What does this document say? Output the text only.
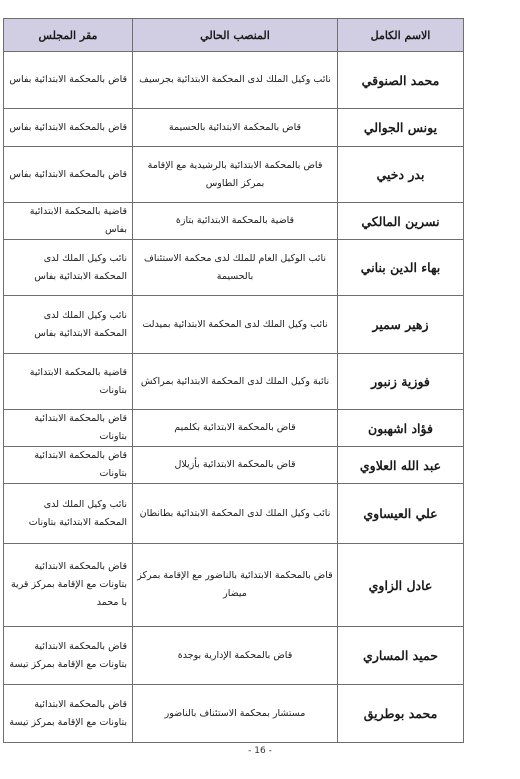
الاسم الكامل	المنصب الحالي	مقر المجلس
محمد الصنوقي	نائب وكيل الملك لدى المحكمة الابتدائية بجرسيف	قاض بالمحكمة الابتدائية بفاس
يونس الجوالي	قاض بالمحكمة الابتدائية بالحسيمة	قاض بالمحكمة الابتدائية بفاس
بدر دخيي	قاض بالمحكمة الابتدائية بالرشيدية مع الإقامة بمركز الطاوس	قاض بالمحكمة الابتدائية بفاس
نسرين المالكي	قاضية بالمحكمة الابتدائية بتازة	قاضية بالمحكمة الابتدائية بفاس
بهاء الدين بناني	نائب الوكيل العام للملك لدى محكمة الاستئناف بالحسيمة	نائب وكيل الملك لدى المحكمة الابتدائية بفاس
زهير سمير	نائب وكيل الملك لدى المحكمة الابتدائية بميدلت	نائب وكيل الملك لدى المحكمة الابتدائية بفاس
فوزية زنبور	نائبة وكيل الملك لدى المحكمة الابتدائية بمراكش	قاضية بالمحكمة الابتدائية بتاونات
فؤاد اشهبون	قاض بالمحكمة الابتدائية بكلميم	قاض بالمحكمة الابتدائية بتاونات
عبد الله العلاوي	قاض بالمحكمة الابتدائية بأزيلال	قاض بالمحكمة الابتدائية بتاونات
علي العيساوي	نائب وكيل الملك لدى المحكمة الابتدائية بطانطان	نائب وكيل الملك لدى المحكمة الابتدائية بتاونات
عادل الزاوي	قاض بالمحكمة الابتدائية بالناضور مع الإقامة بمركز ميضار	قاض بالمحكمة الابتدائية بتاونات مع الإقامة بمركز قرية با محمد
حميد المساري	قاض بالمحكمة الإدارية بوجدة	قاض بالمحكمة الابتدائية بتاونات مع الإقامة بمركز تيسة
محمد بوطريق	مستشار بمحكمة الاستئناف بالناضور	قاض بالمحكمة الابتدائية بتاونات مع الإقامة بمركز تيسة
- 16 -
